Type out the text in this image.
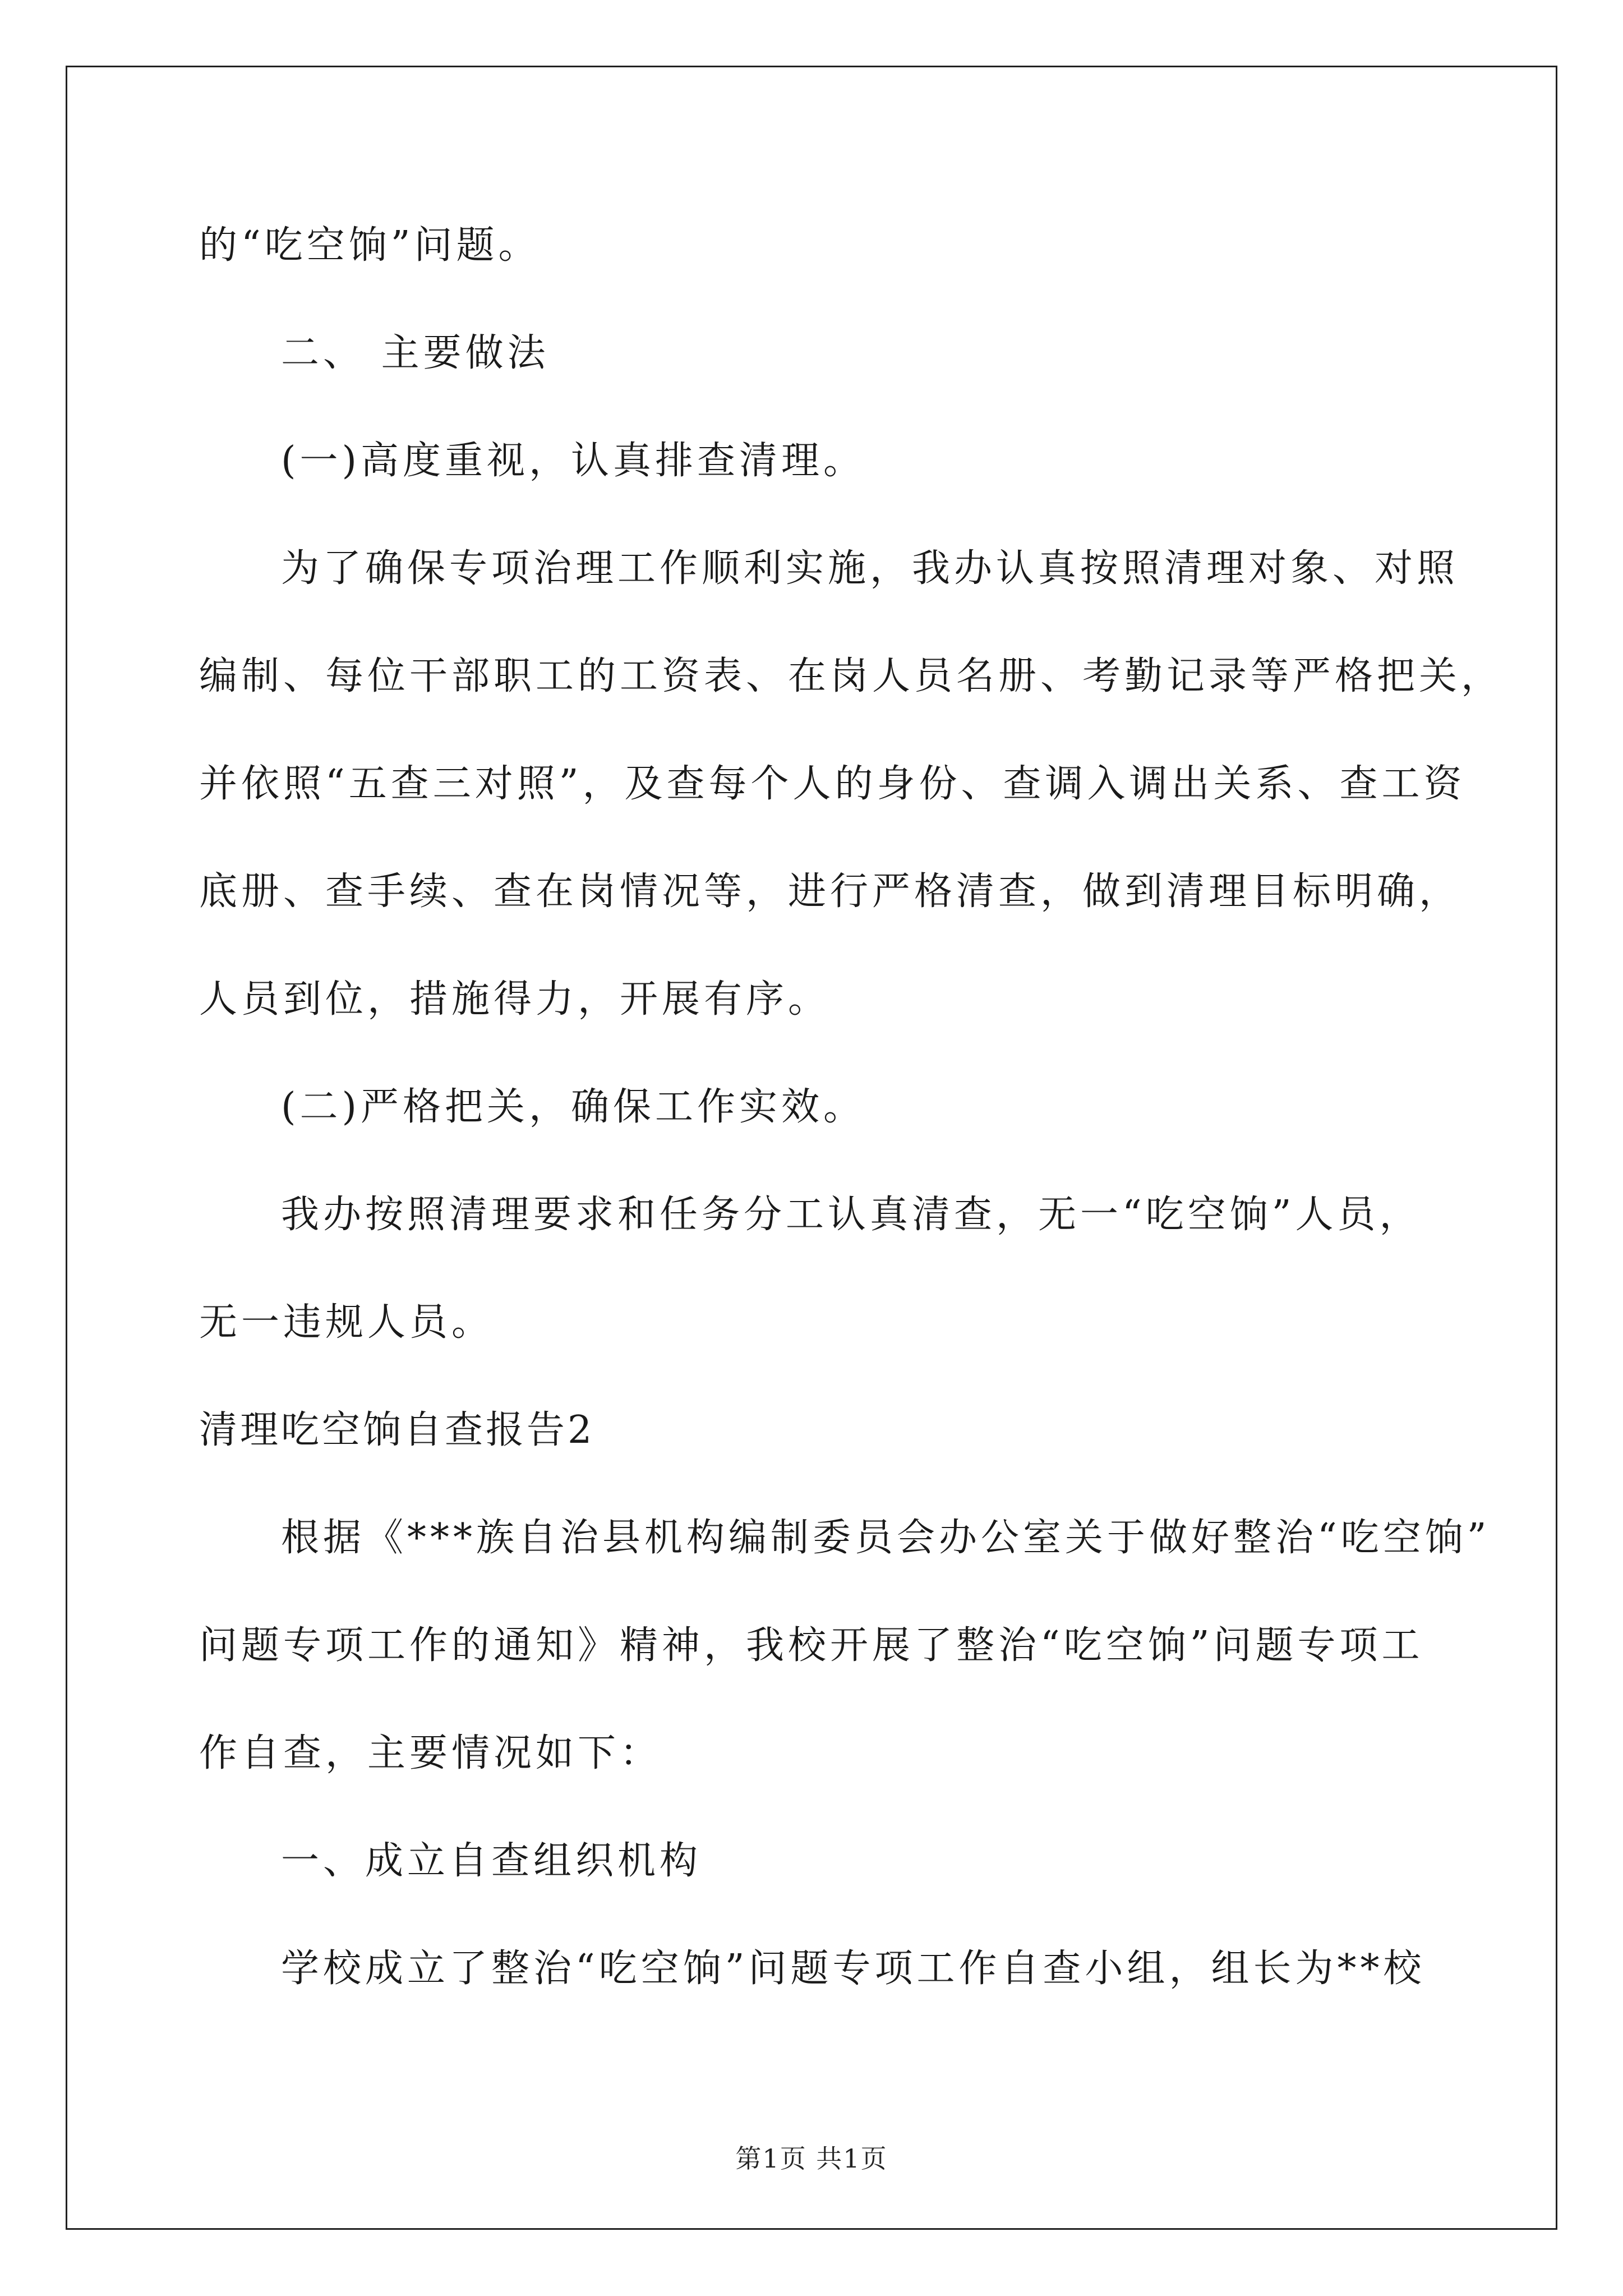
的“吃空饷”问题。
二、 主要做法
(一)高度重视，认真排查清理。
为了确保专项治理工作顺利实施，我办认真按照清理对象、对照
编制、每位干部职工的工资表、在岗人员名册、考勤记录等严格把关，
并依照“五查三对照”，及查每个人的身份、查调入调出关系、查工资
底册、查手续、查在岗情况等，进行严格清查，做到清理目标明确，
人员到位，措施得力，开展有序。
(二)严格把关，确保工作实效。
我办按照清理要求和任务分工认真清查，无一“吃空饷”人员，
无一违规人员。
清理吃空饷自查报告2
根据《***族自治县机构编制委员会办公室关于做好整治“吃空饷”
问题专项工作的通知》精神，我校开展了整治“吃空饷”问题专项工
作自查，主要情况如下：
一、成立自查组织机构
学校成立了整治“吃空饷”问题专项工作自查小组，组长为**校
第1页 共1页
